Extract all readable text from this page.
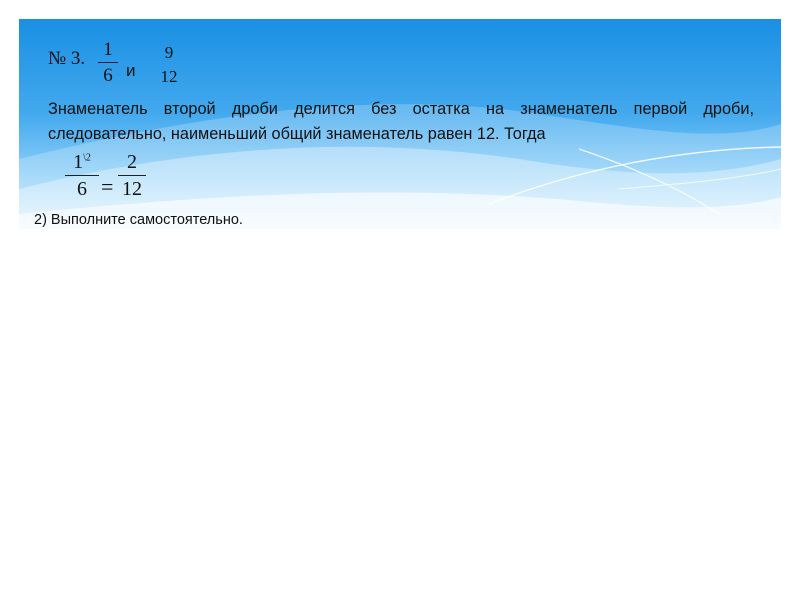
№ 3. 1
6 и
9
12
Знаменатель второй дроби делится без остатка на знаменатель первой дроби, следовательно, наименьший общий знаменатель равен 12. Тогда
$1^{\backslash 2}$
6 =
2
12
2) Выполните самостоятельно.
